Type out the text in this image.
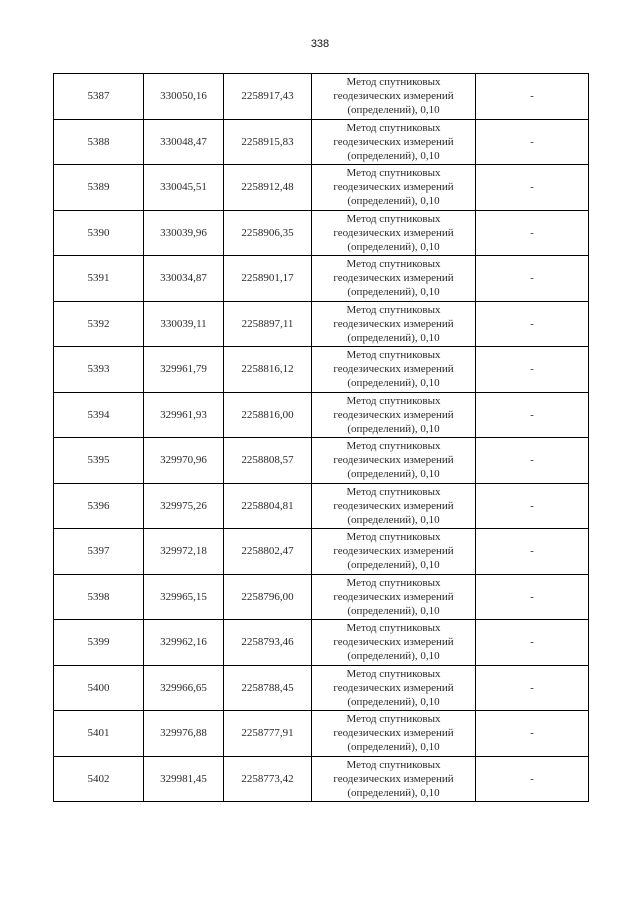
338
5387	330050,16	2258917,43	Метод спутниковых
геодезических измерений
(определений), 0,10	-
5388	330048,47	2258915,83	Метод спутниковых
геодезических измерений
(определений), 0,10	-
5389	330045,51	2258912,48	Метод спутниковых
геодезических измерений
(определений), 0,10	-
5390	330039,96	2258906,35	Метод спутниковых
геодезических измерений
(определений), 0,10	-
5391	330034,87	2258901,17	Метод спутниковых
геодезических измерений
(определений), 0,10	-
5392	330039,11	2258897,11	Метод спутниковых
геодезических измерений
(определений), 0,10	-
5393	329961,79	2258816,12	Метод спутниковых
геодезических измерений
(определений), 0,10	-
5394	329961,93	2258816,00	Метод спутниковых
геодезических измерений
(определений), 0,10	-
5395	329970,96	2258808,57	Метод спутниковых
геодезических измерений
(определений), 0,10	-
5396	329975,26	2258804,81	Метод спутниковых
геодезических измерений
(определений), 0,10	-
5397	329972,18	2258802,47	Метод спутниковых
геодезических измерений
(определений), 0,10	-
5398	329965,15	2258796,00	Метод спутниковых
геодезических измерений
(определений), 0,10	-
5399	329962,16	2258793,46	Метод спутниковых
геодезических измерений
(определений), 0,10	-
5400	329966,65	2258788,45	Метод спутниковых
геодезических измерений
(определений), 0,10	-
5401	329976,88	2258777,91	Метод спутниковых
геодезических измерений
(определений), 0,10	-
5402	329981,45	2258773,42	Метод спутниковых
геодезических измерений
(определений), 0,10	-
